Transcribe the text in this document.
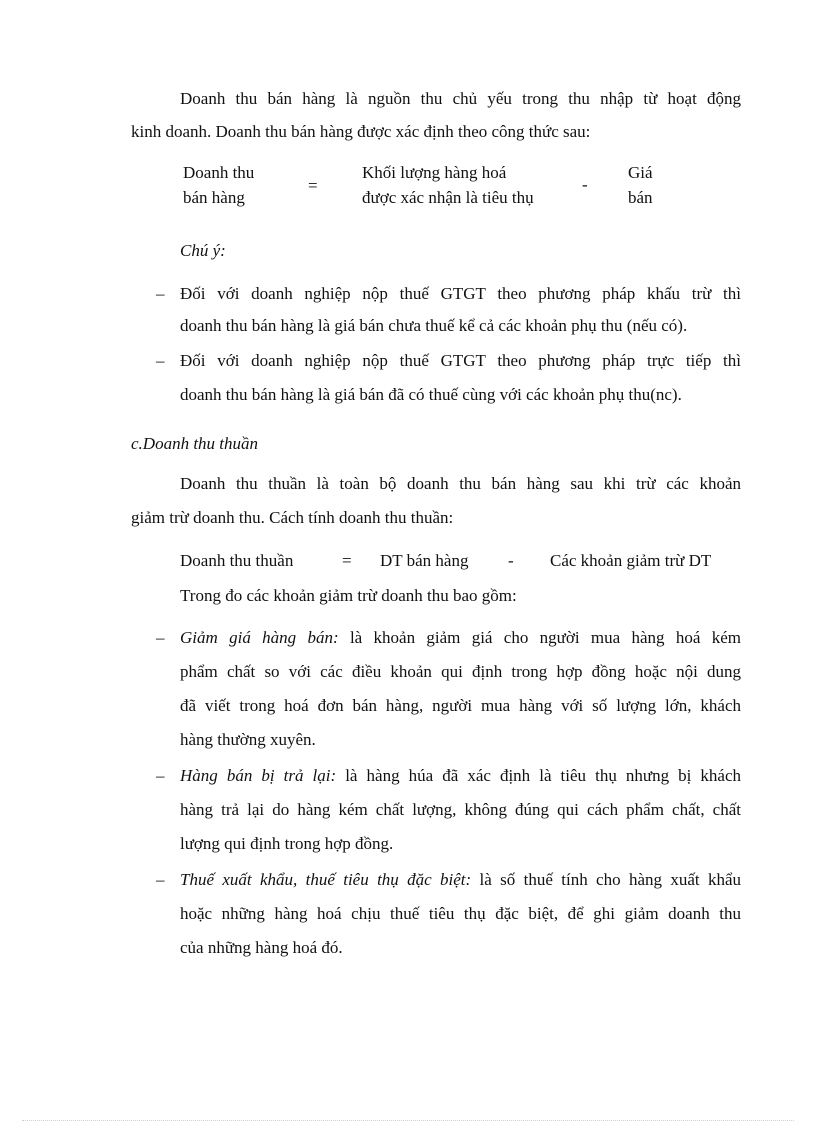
Doanh thu bán hàng là nguồn thu chủ yếu trong thu nhập từ hoạt động
kinh doanh. Doanh thu bán hàng được xác định theo công thức sau:
Doanh thu
bán hàng
=
Khối lượng hàng hoá
được xác nhận là tiêu thụ
-
Giá
bán
Chú ý:
– Đối với doanh nghiệp nộp thuế GTGT theo phương pháp khấu trừ thì
doanh thu bán hàng là giá bán chưa thuế kể cả các khoản phụ thu (nếu có).
– Đối với doanh nghiệp nộp thuế GTGT theo phương pháp trực tiếp thì
doanh thu bán hàng là giá bán đã có thuế cùng với các khoản phụ thu(nc).
c.Doanh thu thuần
Doanh thu thuần là toàn bộ doanh thu bán hàng sau khi trừ các khoản
giảm trừ doanh thu. Cách tính doanh thu thuần:
Doanh thu thuần	= DT bán hàng - Các khoản giảm trừ DT
Trong đo các khoản giảm trừ doanh thu bao gồm:
– Giảm giá hàng bán: là khoản giảm giá cho người mua hàng hoá kém
phẩm chất so với các điều khoản qui định trong hợp đồng hoặc nội dung
đã viết trong hoá đơn bán hàng, người mua hàng với số lượng lớn, khách
hàng thường xuyên.
– Hàng bán bị trả lại: là hàng húa đã xác định là tiêu thụ nhưng bị khách
hàng trả lại do hàng kém chất lượng, không đúng qui cách phẩm chất, chất
lượng qui định trong hợp đồng.
– Thuế xuất khẩu, thuế tiêu thụ đặc biệt: là số thuế tính cho hàng xuất khẩu
hoặc những hàng hoá chịu thuế tiêu thụ đặc biệt, để ghi giảm doanh thu
của những hàng hoá đó.
